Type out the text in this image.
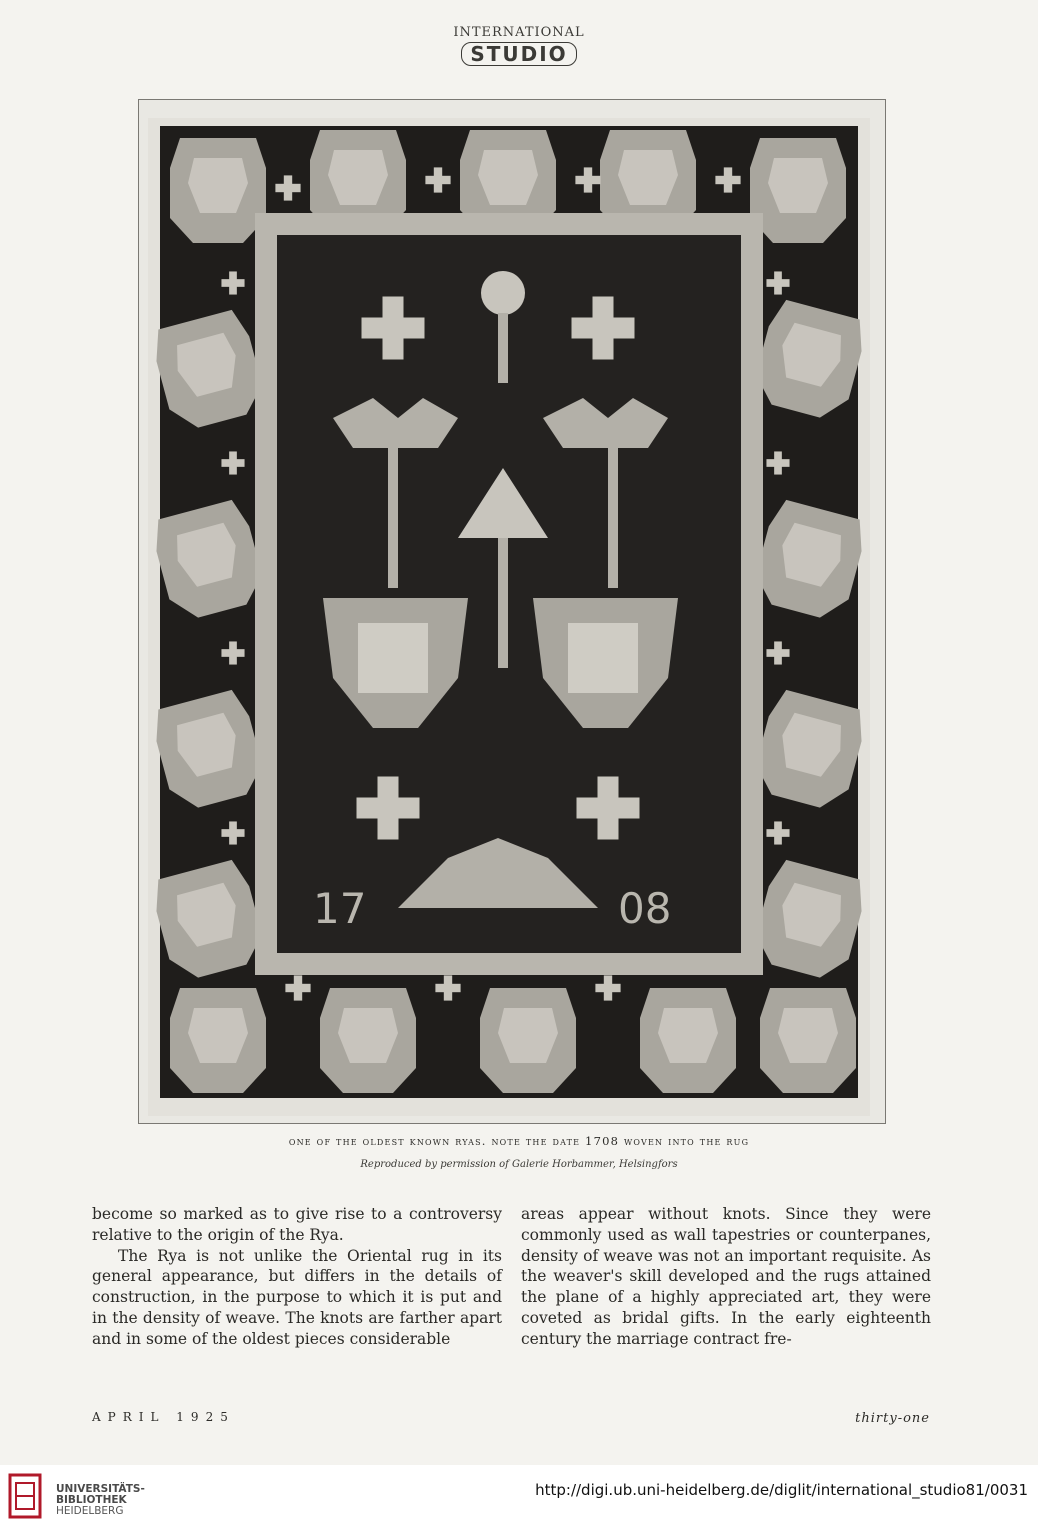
INTERNATIONAL
STUDIO
17	08
one of the oldest known ryas. note the date 1708 woven into the rug
Reproduced by permission of Galerie Horbammer, Helsingfors

become so marked as to give rise to a controversy relative to the origin of the Rya.

The Rya is not unlike the Oriental rug in its general appearance, but differs in the details of construction, in the purpose to which it is put and in the density of weave. The knots are farther apart and in some of the oldest pieces considerable

areas appear without knots. Since they were commonly used as wall tapestries or counterpanes, density of weave was not an important requisite. As the weaver's skill developed and the rugs attained the plane of a highly appreciated art, they were coveted as bridal gifts. In the early eighteenth century the marriage contract fre-

APRIL 1925	thirty-one
UNIVERSITÄTS-
BIBLIOTHEK
HEIDELBERG
http://digi.ub.uni-heidelberg.de/diglit/international_studio81/0031
